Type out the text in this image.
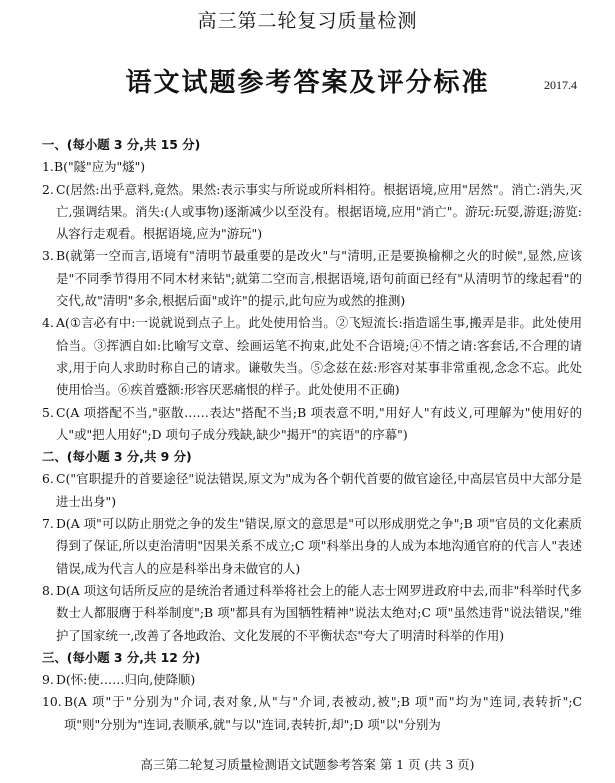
高三第二轮复习质量检测
语文试题参考答案及评分标准	2017.4
一、(每小题 3 分,共 15 分)
1. B("隧"应为"燧")
2. C(居然:出乎意料,竟然。果然:表示事实与所说或所料相符。根据语境,应用"居然"。消亡:消失,灭亡,强调结果。消失:(人或事物)逐渐减少以至没有。根据语境,应用"消亡"。游玩:玩耍,游逛;游览:从容行走观看。根据语境,应为"游玩")
3. B(就第一空而言,语境有"清明节最重要的是改火"与"清明,正是要换榆柳之火的时候",显然,应该是"不同季节得用不同木材来钻";就第二空而言,根据语境,语句前面已经有"从清明节的缘起看"的交代,故"清明"多余,根据后面"或许"的提示,此句应为或然的推测)
4. A(①言必有中:一说就说到点子上。此处使用恰当。②飞短流长:指造谣生事,搬弄是非。此处使用恰当。③挥洒自如:比喻写文章、绘画运笔不拘束,此处不合语境;④不情之请:客套话,不合理的请求,用于向人求助时称自己的请求。谦敬失当。⑤念兹在兹:形容对某事非常重视,念念不忘。此处使用恰当。⑥疾首蹙额:形容厌恶痛恨的样子。此处使用不正确)
5. C(A 项搭配不当,"驱散……表达"搭配不当;B 项表意不明,"用好人"有歧义,可理解为"使用好的人"或"把人用好";D 项句子成分残缺,缺少"揭开"的宾语"的序幕")
二、(每小题 3 分,共 9 分)
6. C("官职提升的首要途径"说法错误,原文为"成为各个朝代首要的做官途径,中高层官员中大部分是进士出身")
7. D(A 项"可以防止朋党之争的发生"错误,原文的意思是"可以形成朋党之争";B 项"官员的文化素质得到了保证,所以吏治清明"因果关系不成立;C 项"科举出身的人成为本地沟通官府的代言人"表述错误,成为代言人的应是科举出身未做官的人)
8. D(A 项这句话所反应的是统治者通过科举将社会上的能人志士网罗进政府中去,而非"科举时代多数士人都服膺于科举制度";B 项"都具有为国牺牲精神"说法太绝对;C 项"虽然违背"说法错误,"维护了国家统一,改善了各地政治、文化发展的不平衡状态"夸大了明清时科举的作用)
三、(每小题 3 分,共 12 分)
9. D(怀:使……归向,使降顺)
10. B(A 项"于"分别为"介词,表对象,从"与"介词,表被动,被";B 项"而"均为"连词,表转折";C 项"则"分别为"连词,表顺承,就"与以"连词,表转折,却";D 项"以"分别为
高三第二轮复习质量检测语文试题参考答案 第 1 页 (共 3 页)
